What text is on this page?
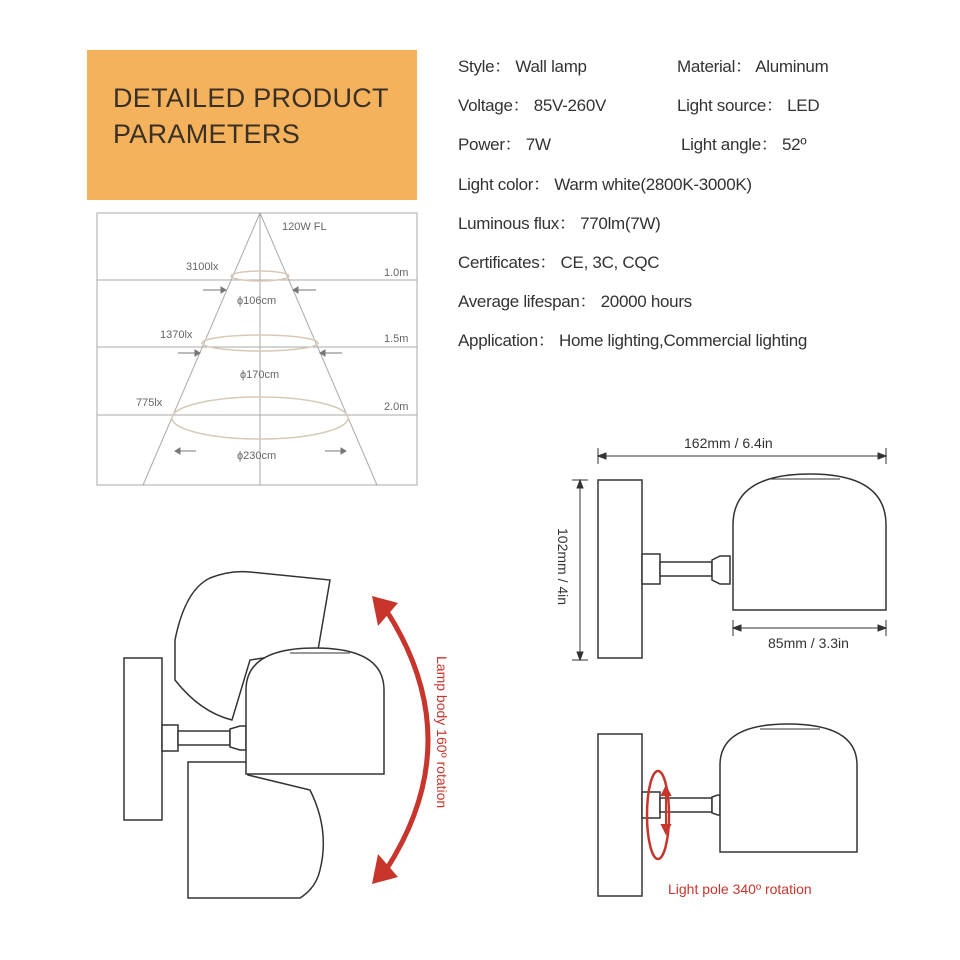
DETAILED PRODUCT
PARAMETERS
Style： Wall lamp	Material： Aluminum
Voltage： 85V-260V	Light source： LED
Power： 7W	Light angle： 52º
Light color： Warm white(2800K-3000K)
Luminous flux： 770lm(7W)
Certificates： CE, 3C, CQC
Average lifespan： 20000 hours
Application： Home lighting,Commercial lighting
120W FL
3100lx	1.0m
ϕ106cm
1370lx	1.5m
ϕ170cm
775lx	2.0m
ϕ230cm
162mm / 6.4in
85mm / 3.3in
102mm / 4in
Lamp body 160º rotation
Light pole 340º rotation
